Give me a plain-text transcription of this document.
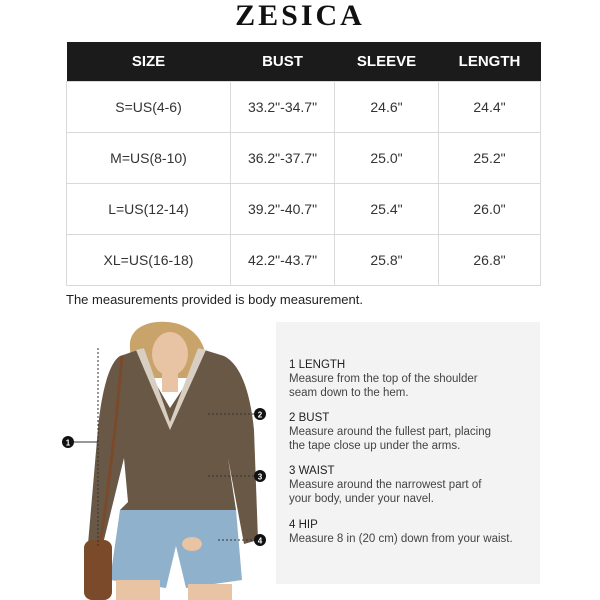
ZESICA
SIZE	BUST	SLEEVE	LENGTH
S=US(4-6)	33.2"-34.7"	24.6"	24.4"
M=US(8-10)	36.2"-37.7"	25.0"	25.2"
L=US(12-14)	39.2"-40.7"	25.4"	26.0"
XL=US(16-18)	42.2"-43.7"	25.8"	26.8"
The measurements provided is body measurement.
1
2
3
4
1 LENGTH
Measure from the top of the shoulder
seam down to the hem.
2 BUST
Measure around the fullest part, placing
the tape close up under the arms.
3 WAIST
Measure around the narrowest part of
your body, under your navel.
4 HIP
Measure 8 in (20 cm) down from your waist.
